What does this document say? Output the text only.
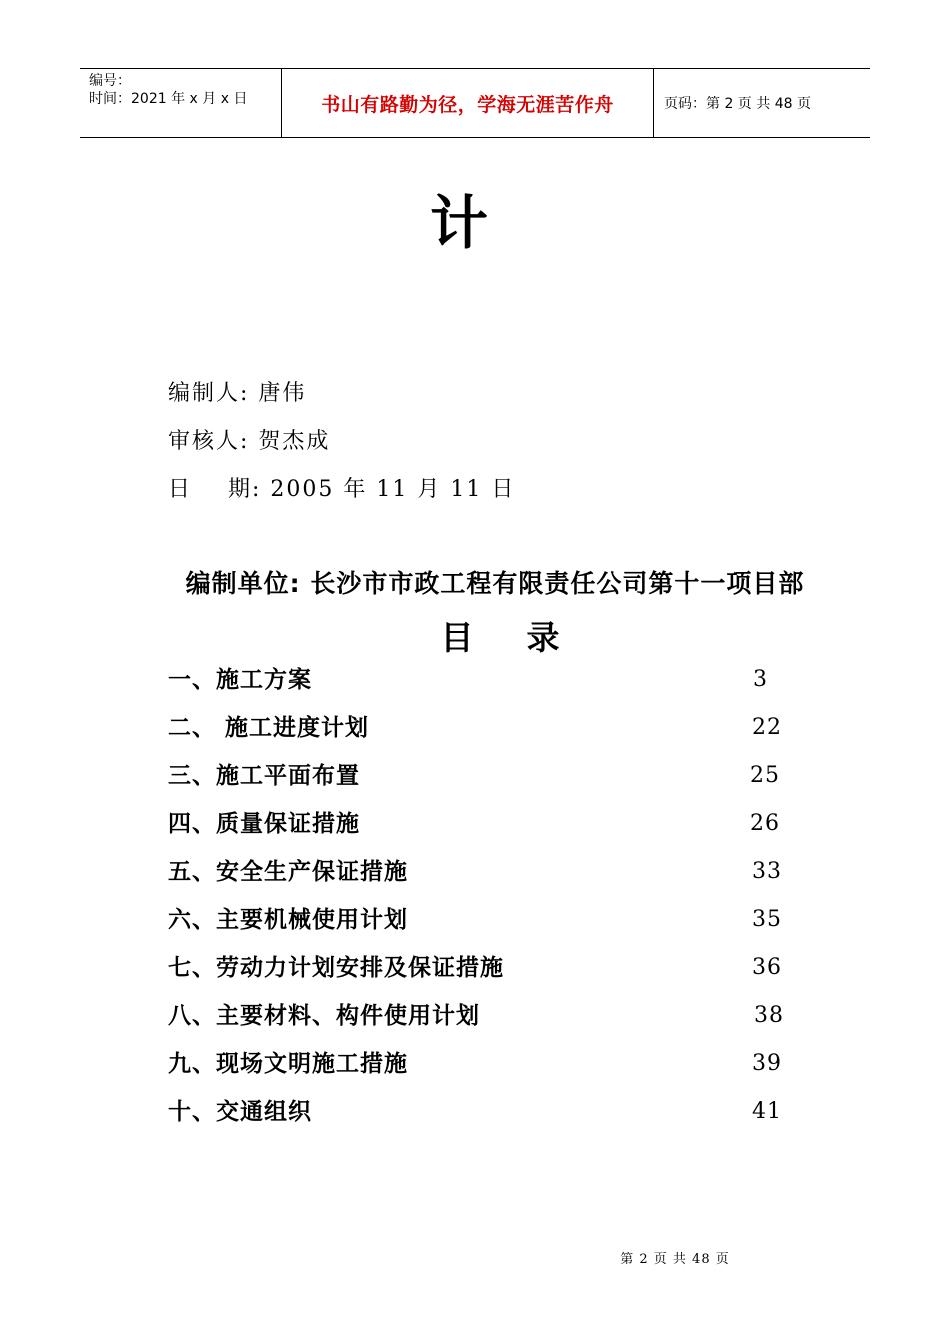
编号：
时间：2021 年 x 月 x 日	书山有路勤为径，学海无涯苦作舟	页码：第 2 页 共 48 页
计
编制人: 唐伟
审核人: 贺杰成
日    期: 2005 年 11 月 11 日
编制单位: 长沙市市政工程有限责任公司第十一项目部
目  录
一、施工方案	3
二、 施工进度计划	22
三、施工平面布置	25
四、质量保证措施	26
五、安全生产保证措施	33
六、主要机械使用计划	35
七、劳动力计划安排及保证措施	36
八、主要材料、构件使用计划	38
九、现场文明施工措施	39
十、交通组织	41
第 2 页 共 48 页
